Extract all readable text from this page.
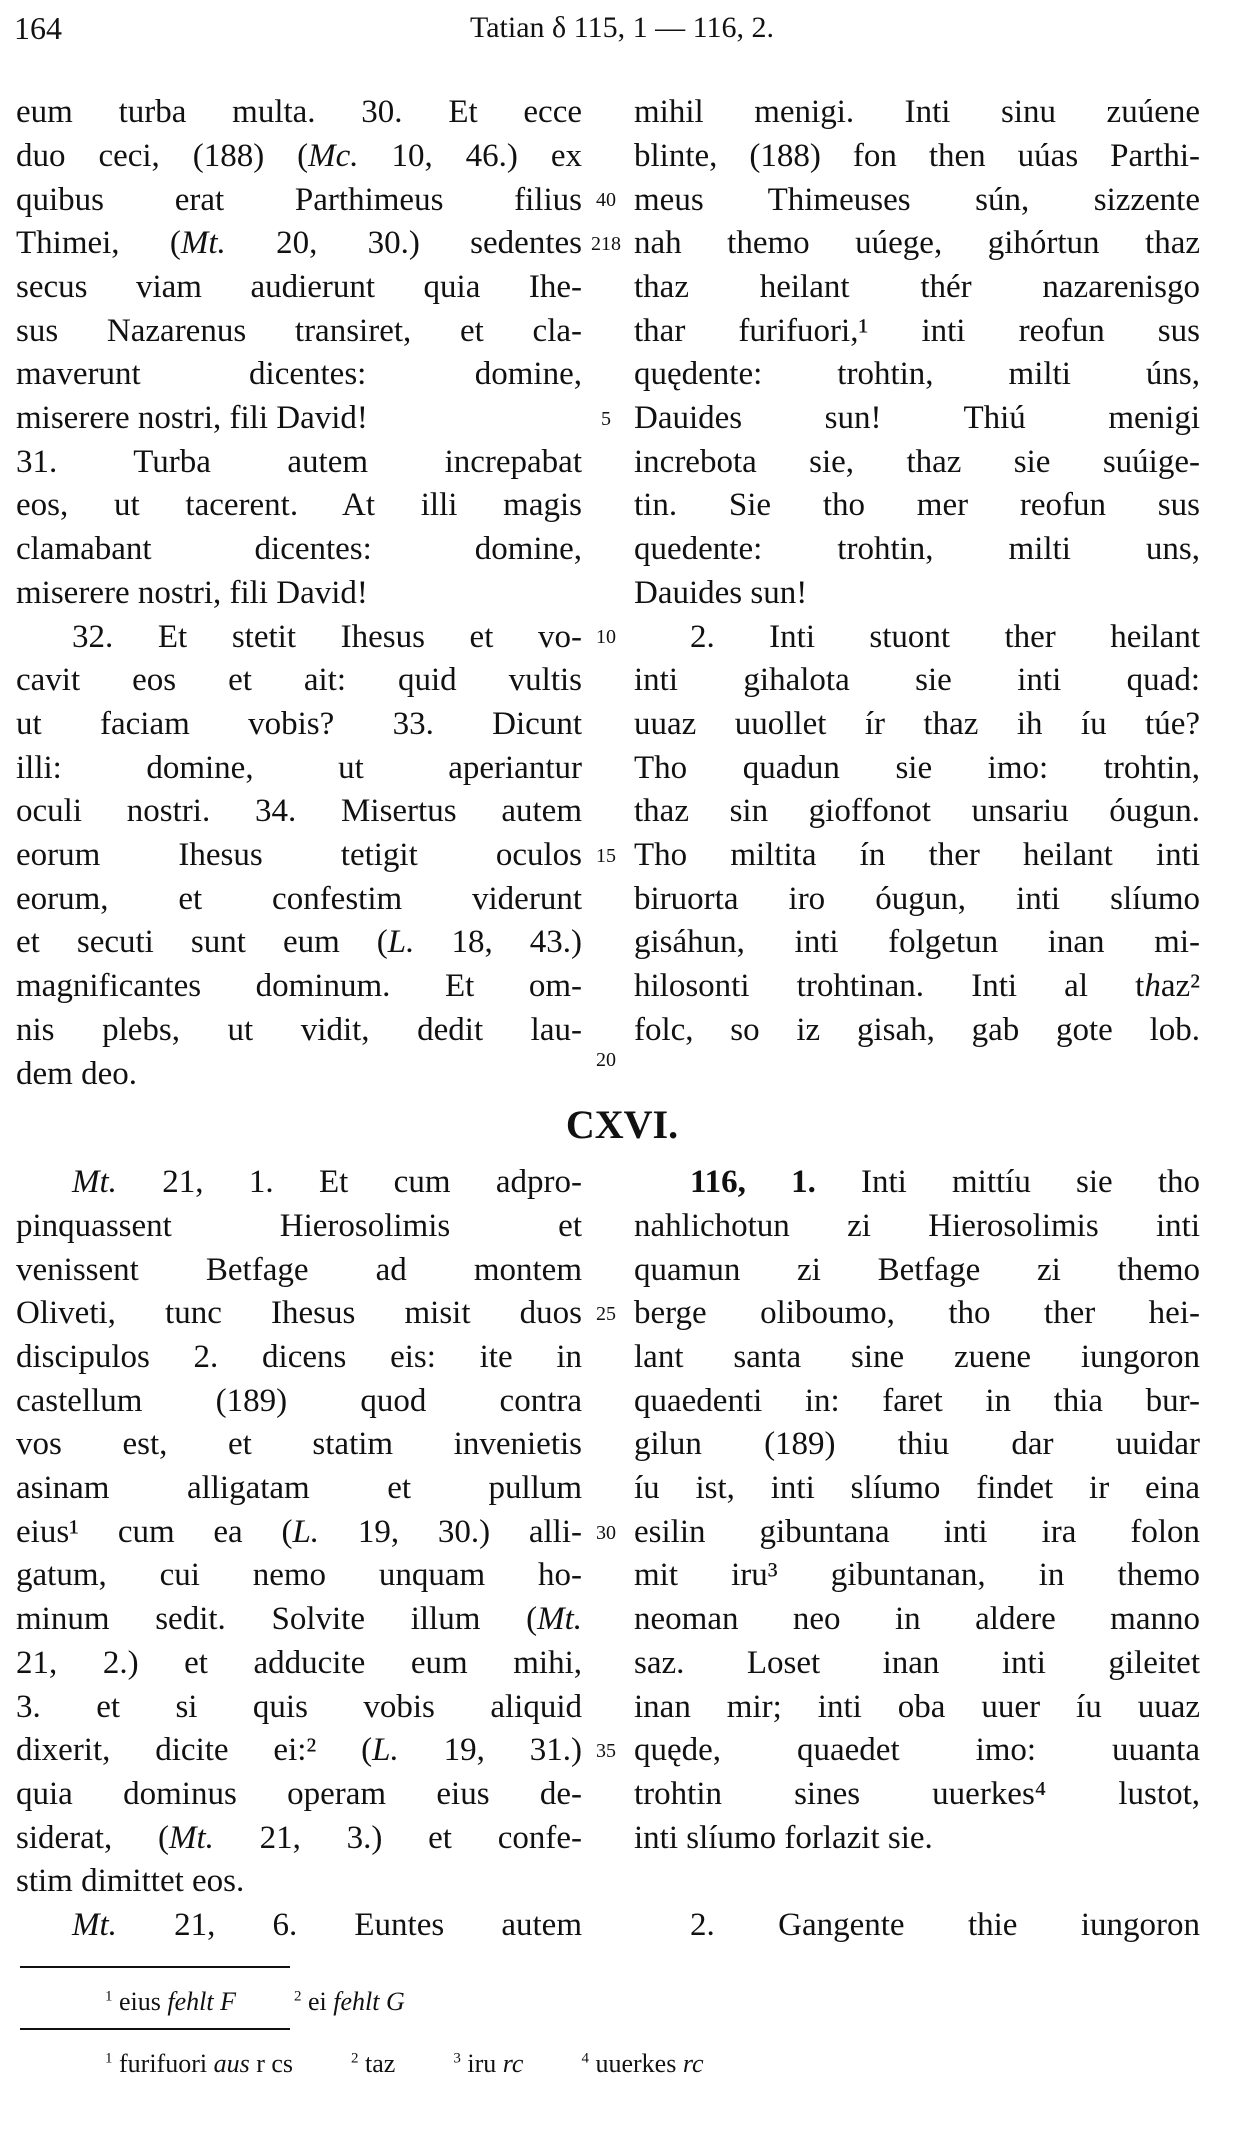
164	Tatian δ 115, 1 — 116, 2.
eum turba multa. 30. Et ecce
duo ceci, (188) (Mc. 10, 46.) ex
quibus erat Parthimeus filius
Thimei, (Mt. 20, 30.) sedentes
secus viam audierunt quia Ihe-
sus Nazarenus transiret, et cla-
maverunt dicentes: domine,
miserere nostri, fili David!
31. Turba autem increpabat
eos, ut tacerent. At illi magis
clamabant dicentes: domine,
miserere nostri, fili David!
32. Et stetit Ihesus et vo-
cavit eos et ait: quid vultis
ut faciam vobis? 33. Dicunt
illi: domine, ut aperiantur
oculi nostri. 34. Misertus autem
eorum Ihesus tetigit oculos
eorum, et confestim viderunt
et secuti sunt eum (L. 18, 43.)
magnificantes dominum. Et om-
nis plebs, ut vidit, dedit lau-
dem deo.
mihil menigi. Inti sinu zuúene
blinte, (188) fon then uúas Parthi-
meus Thimeuses sún, sizzente
nah themo uúege, gihórtun thaz
thaz heilant thér nazarenisgo
thar furifuori,¹ inti reofun sus
quędente: trohtin, milti úns,
Dauides sun! Thiú menigi
increbota sie, thaz sie suúige-
tin. Sie tho mer reofun sus
quedente: trohtin, milti uns,
Dauides sun!
2. Inti stuont ther heilant
inti gihalota sie inti quad:
uuaz uuollet ír thaz ih íu túe?
Tho quadun sie imo: trohtin,
thaz sin gioffonot unsariu óugun.
Tho miltita ín ther heilant inti
biruorta iro óugun, inti slíumo
gisáhun, inti folgetun inan mi-
hilosonti trohtinan. Inti al thaz²
folc, so iz gisah, gab gote lob.
40
218
5
10
15
20
CXVI.
Mt. 21, 1. Et cum adpro-
pinquassent Hierosolimis et
venissent Betfage ad montem
Oliveti, tunc Ihesus misit duos
discipulos 2. dicens eis: ite in
castellum (189) quod contra
vos est, et statim invenietis
asinam alligatam et pullum
eius¹ cum ea (L. 19, 30.) alli-
gatum, cui nemo unquam ho-
minum sedit. Solvite illum (Mt.
21, 2.) et adducite eum mihi,
3. et si quis vobis aliquid
dixerit, dicite ei:² (L. 19, 31.)
quia dominus operam eius de-
siderat, (Mt. 21, 3.) et confe-
stim dimittet eos.
Mt. 21, 6. Euntes autem
116, 1. Inti mittíu sie tho
nahlichotun zi Hierosolimis inti
quamun zi Betfage zi themo
berge oliboumo, tho ther hei-
lant santa sine zuene iungoron
quaedenti in: faret in thia bur-
gilun (189) thiu dar uuidar
íu ist, inti slíumo findet ir eina
esilin gibuntana inti ira folon
mit iru³ gibuntanan, in themo
neoman neo in aldere manno
saz. Loset inan inti gileitet
inan mir; inti oba uuer íu uuaz
quęde, quaedet imo: uuanta
trohtin sines uuerkes⁴ lustot,
inti slíumo forlazit sie.
2. Gangente thie iungoron
25
30
35
$^1$ eius fehlt F	$^2$ ei fehlt G
$^1$ furifuori aus r cs	$^2$ taz	$^3$ iru rc	$^4$ uuerkes rc
